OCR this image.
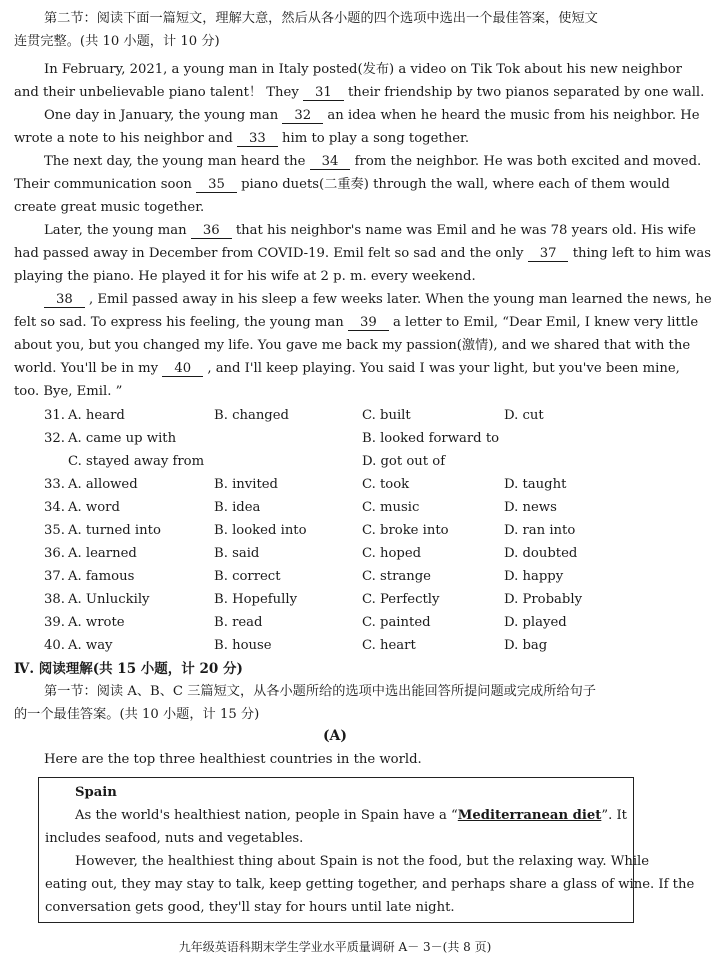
第二节：阅读下面一篇短文，理解大意，然后从各小题的四个选项中选出一个最佳答案，使短文
连贯完整。(共 10 小题，计 10 分)
In February, 2021, a young man in Italy posted(发布) a video on Tik Tok about his new neighbor
and their unbelievable piano talent！ They 31 their friendship by two pianos separated by one wall.
One day in January, the young man 32 an idea when he heard the music from his neighbor. He
wrote a note to his neighbor and 33 him to play a song together.
The next day, the young man heard the 34 from the neighbor. He was both excited and moved.
Their communication soon 35 piano duets(二重奏) through the wall, where each of them would
create great music together.
Later, the young man 36 that his neighbor's name was Emil and he was 78 years old. His wife
had passed away in December from COVID-19. Emil felt so sad and the only 37 thing left to him was
playing the piano. He played it for his wife at 2 p. m. every weekend.
38 , Emil passed away in his sleep a few weeks later. When the young man learned the news, he
felt so sad. To express his feeling, the young man 39 a letter to Emil, “Dear Emil, I knew very little
about you, but you changed my life. You gave me back my passion(激情), and we shared that with the
world. You'll be in my 40 , and I'll keep playing. You said I was your light, but you've been mine,
too. Bye, Emil. ”
31. A. heard	B. changed	C. built	D. cut
32. A. came up with	B. looked forward to
C. stayed away from	D. got out of
33. A. allowed	B. invited	C. took	D. taught
34. A. word	B. idea	C. music	D. news
35. A. turned into	B. looked into	C. broke into	D. ran into
36. A. learned	B. said	C. hoped	D. doubted
37. A. famous	B. correct	C. strange	D. happy
38. A. Unluckily	B. Hopefully	C. Perfectly	D. Probably
39. A. wrote	B. read	C. painted	D. played
40. A. way	B. house	C. heart	D. bag
Ⅳ. 阅读理解(共 15 小题，计 20 分)
第一节：阅读 A、B、C 三篇短文，从各小题所给的选项中选出能回答所提问题或完成所给句子
的一个最佳答案。(共 10 小题，计 15 分)
(A)
Here are the top three healthiest countries in the world.
Spain
As the world's healthiest nation, people in Spain have a “Mediterranean diet”. It
includes seafood, nuts and vegetables.
However, the healthiest thing about Spain is not the food, but the relaxing way. While
eating out, they may stay to talk, keep getting together, and perhaps share a glass of wine. If the
conversation gets good, they'll stay for hours until late night.
九年级英语科期末学生学业水平质量调研 A－ 3－(共 8 页)
